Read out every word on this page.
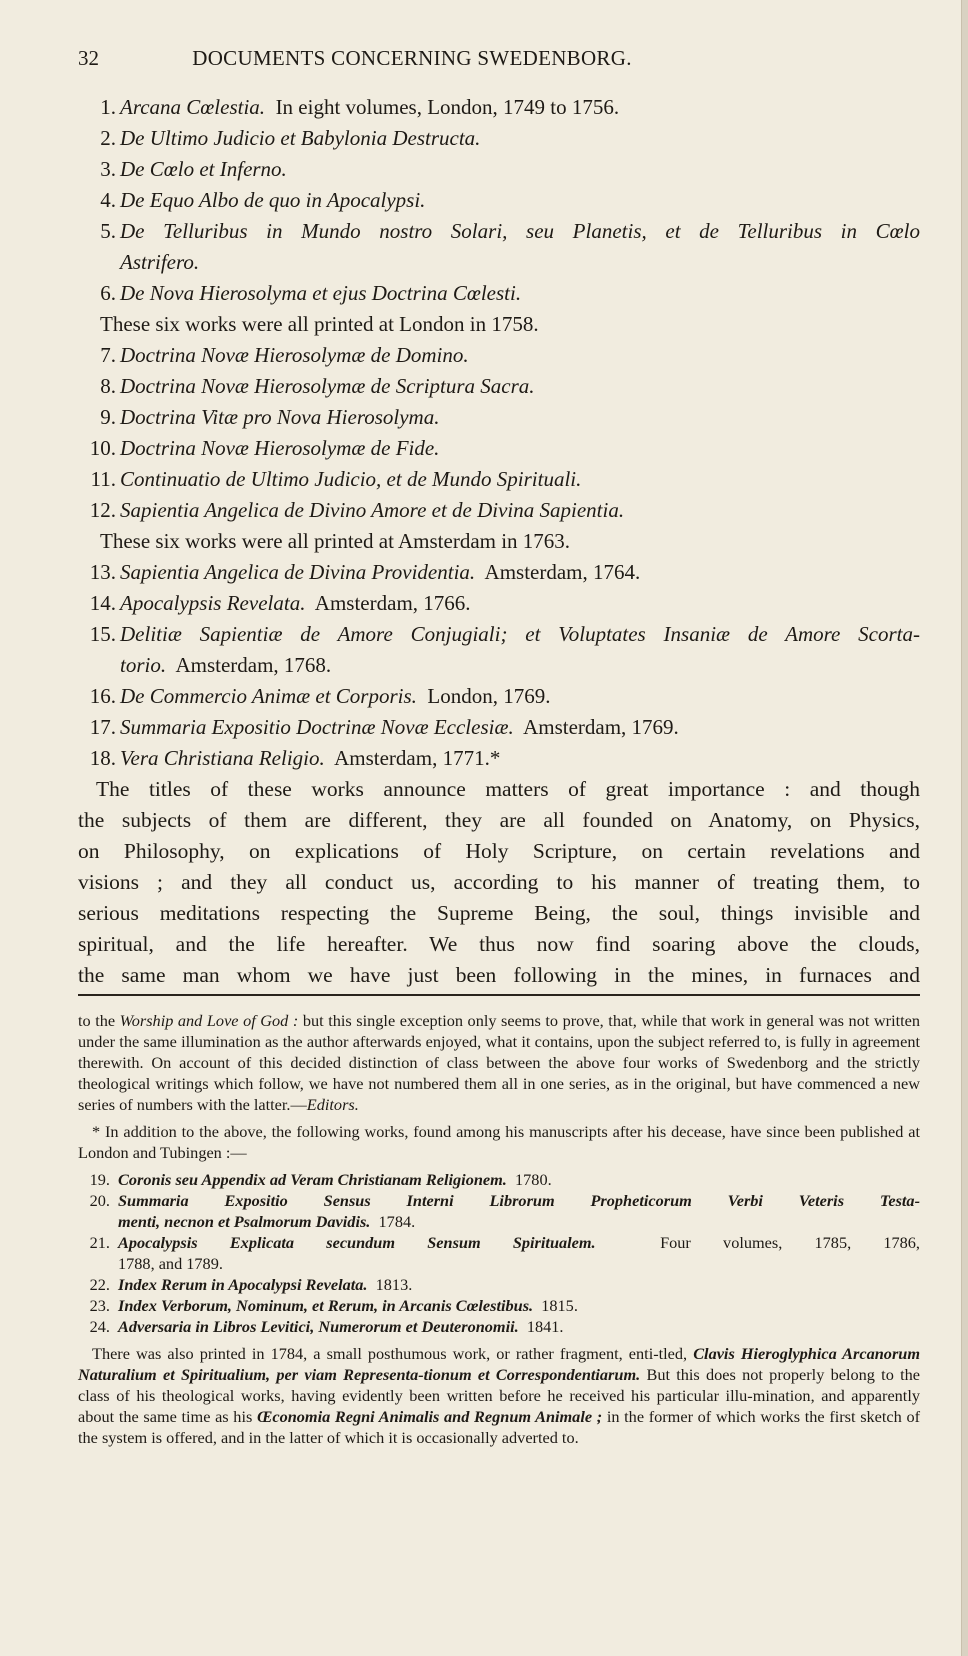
32	DOCUMENTS CONCERNING SWEDENBORG.
1. Arcana Cœlestia. In eight volumes, London, 1749 to 1756.
2. De Ultimo Judicio et Babylonia Destructa.
3. De Cœlo et Inferno.
4. De Equo Albo de quo in Apocalypsi.
5. De Telluribus in Mundo nostro Solari, seu Planetis, et de Telluribus in Cœlo
Astrifero.
6. De Nova Hierosolyma et ejus Doctrina Cœlesti.
These six works were all printed at London in 1758.
7. Doctrina Novæ Hierosolymæ de Domino.
8. Doctrina Novæ Hierosolymæ de Scriptura Sacra.
9. Doctrina Vitæ pro Nova Hierosolyma.
10. Doctrina Novæ Hierosolymæ de Fide.
11. Continuatio de Ultimo Judicio, et de Mundo Spirituali.
12. Sapientia Angelica de Divino Amore et de Divina Sapientia.
These six works were all printed at Amsterdam in 1763.
13. Sapientia Angelica de Divina Providentia. Amsterdam, 1764.
14. Apocalypsis Revelata. Amsterdam, 1766.
15. Delitiæ Sapientiæ de Amore Conjugiali; et Voluptates Insaniæ de Amore Scorta-
torio. Amsterdam, 1768.
16. De Commercio Animæ et Corporis. London, 1769.
17. Summaria Expositio Doctrinæ Novæ Ecclesiæ. Amsterdam, 1769.
18. Vera Christiana Religio. Amsterdam, 1771.*

The titles of these works announce matters of great importance : and though

the subjects of them are different, they are all founded on Anatomy, on Physics,

on Philosophy, on explications of Holy Scripture, on certain revelations and

visions ; and they all conduct us, according to his manner of treating them, to

serious meditations respecting the Supreme Being, the soul, things invisible and

spiritual, and the life hereafter. We thus now find soaring above the clouds,

the same man whom we have just been following in the mines, in furnaces and

to the Worship and Love of God : but this single exception only seems to prove, that, while that work in general was not written under the same illumination as the author afterwards enjoyed, what it contains, upon the subject referred to, is fully in agreement therewith. On account of this decided distinction of class between the above four works of Swedenborg and the strictly theological writings which follow, we have not numbered them all in one series, as in the original, but have commenced a new series of numbers with the latter.—Editors.

* In addition to the above, the following works, found among his manuscripts after his decease, have since been published at London and Tubingen :—

19. Coronis seu Appendix ad Veram Christianam Religionem. 1780.
20. Summaria Expositio Sensus Interni Librorum Propheticorum Verbi Veteris Testa-
menti, necnon et Psalmorum Davidis. 1784.
21. Apocalypsis Explicata secundum Sensum Spiritualem.	Four volumes, 1785, 1786,
1788, and 1789.
22. Index Rerum in Apocalypsi Revelata. 1813.
23. Index Verborum, Nominum, et Rerum, in Arcanis Cœlestibus. 1815.
24. Adversaria in Libros Levitici, Numerorum et Deuteronomii. 1841.

There was also printed in 1784, a small posthumous work, or rather fragment, enti-tled, Clavis Hieroglyphica Arcanorum Naturalium et Spiritualium, per viam Representa-tionum et Correspondentiarum. But this does not properly belong to the class of his theological works, having evidently been written before he received his particular illu-mination, and apparently about the same time as his Œconomia Regni Animalis and Regnum Animale ; in the former of which works the first sketch of the system is offered, and in the latter of which it is occasionally adverted to.
